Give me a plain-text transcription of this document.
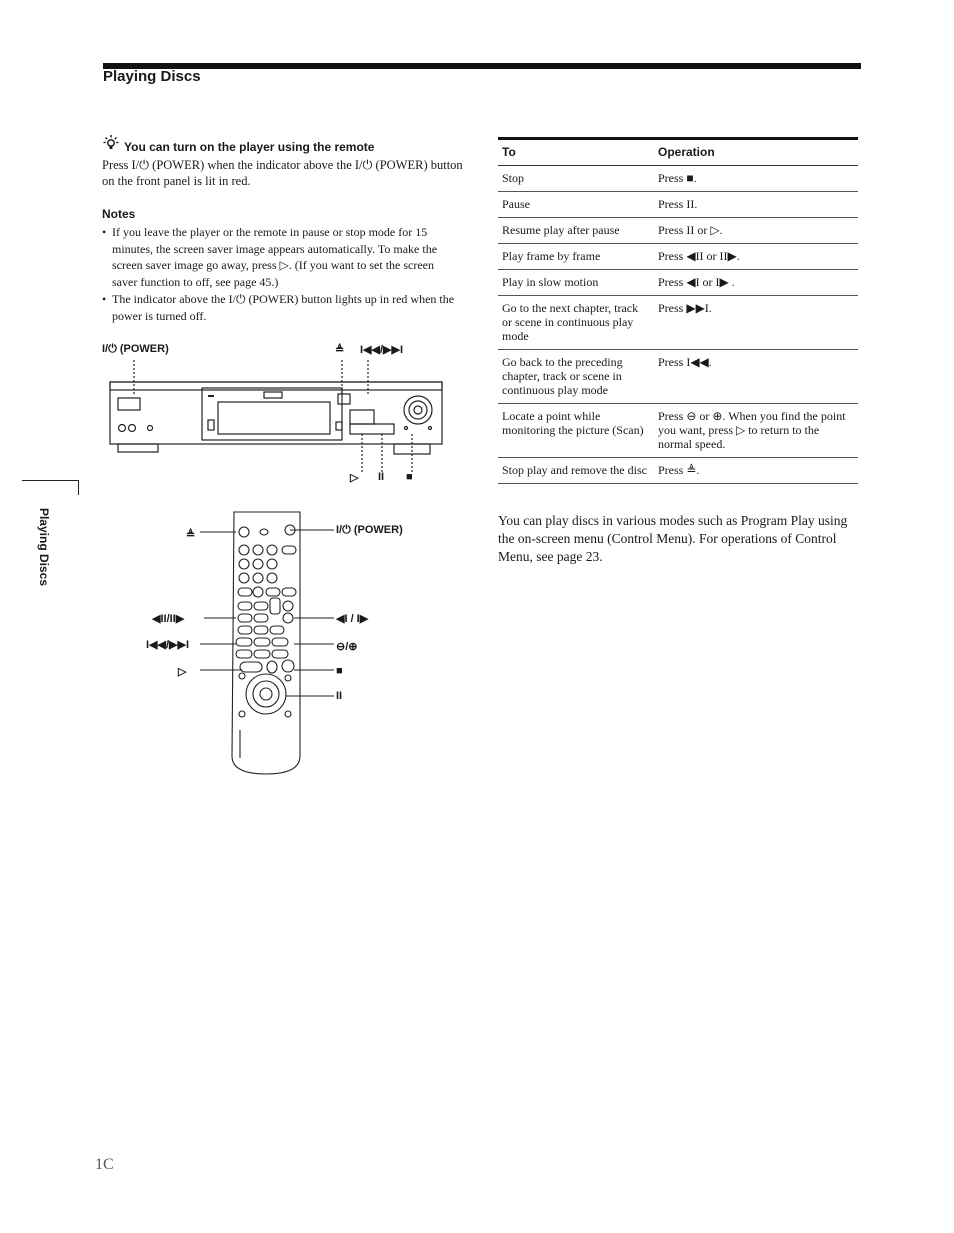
Playing Discs
You can turn on the player using the remote
Press I/⏻ (POWER) when the indicator above the I/⏻ (POWER) button on the front panel is lit in red.
Notes
• If you leave the player or the remote in pause or stop mode for 15 minutes, the screen saver image appears automatically. To make the screen saver image go away, press ▷. (If you want to set the screen saver function to off, see page 45.)
• The indicator above the I/⏻ (POWER) button lights up in red when the power is turned off.
I/⏻ (POWER)	≜ I◀◀/▶▶I
▷ II ■
≜	I/⏻ (POWER)
◀II/II▶	◀I / I▶
I◀◀/▶▶I	⊖/⊕
▷	■
II
Playing Discs
To	Operation
Stop	Press ■.
Pause	Press II.
Resume play after pause	Press II or ▷.
Play frame by frame	Press ◀II or II▶.
Play in slow motion	Press ◀I or I▶ .
Go to the next chapter, track or scene in continuous play mode	Press ▶▶I.
Go back to the preceding chapter, track or scene in continuous play mode	Press I◀◀.
Locate a point while monitoring the picture (Scan)	Press ⊖ or ⊕. When you find the point you want, press ▷ to return to the normal speed.
Stop play and remove the disc	Press ≜.
You can play discs in various modes such as Program Play using the on-screen menu (Control Menu). For operations of Control Menu, see page 23.
1C
